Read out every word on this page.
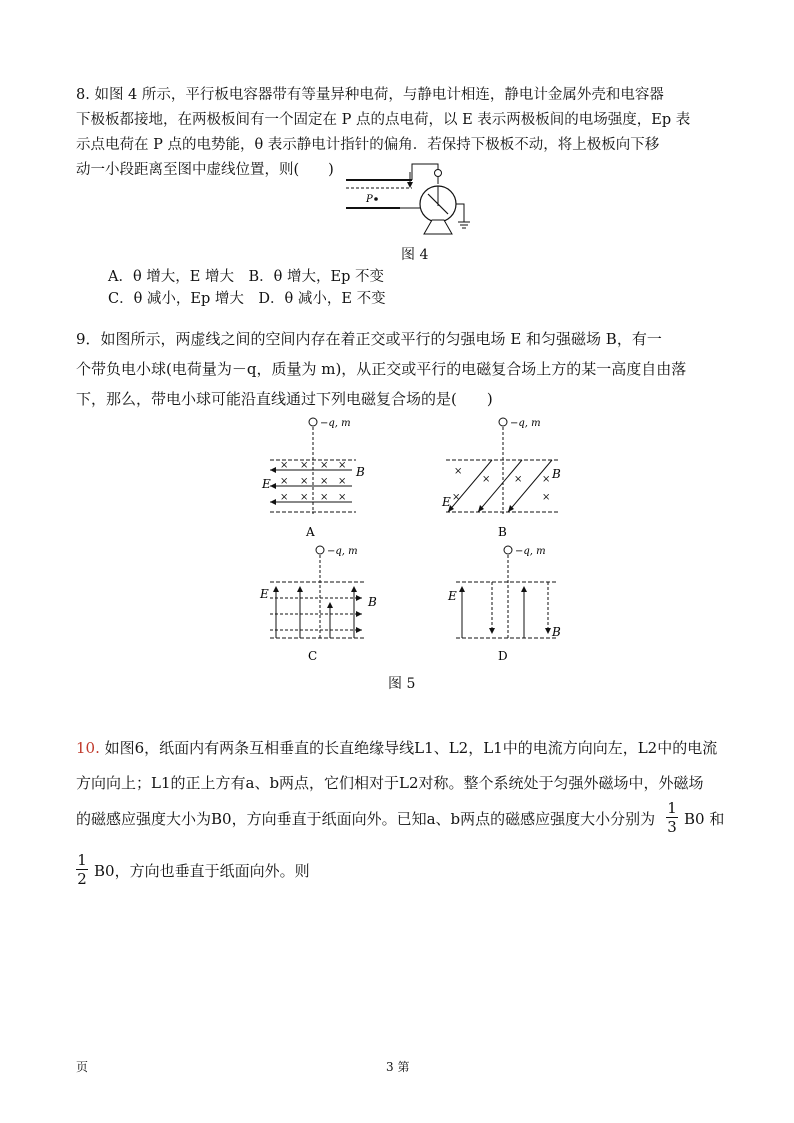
8. 如图 4 所示，平行板电容器带有等量异种电荷，与静电计相连，静电计金属外壳和电容器
下极板都接地，在两极板间有一个固定在 P 点的点电荷，以 E 表示两极板间的电场强度，Ep 表
示点电荷在 P 点的电势能，θ 表示静电计指针的偏角．若保持下极板不动，将上极板向下移
动一小段距离至图中虚线位置，则(　　)
P
图 4
A．θ 增大，E 增大　B．θ 增大，Ep 不变
C．θ 减小，Ep 增大　D．θ 减小，E 不变
9．如图所示，两虚线之间的空间内存在着正交或平行的匀强电场 E 和匀强磁场 B，有一
个带负电小球(电荷量为－q，质量为 m)，从正交或平行的电磁复合场上方的某一高度自由落
下，那么，带电小球可能沿直线通过下列电磁复合场的是(　　)
−q, m
× × × ×
× × × ×
× × × ×
B
E
A
−q, m
×
× × ×
×	×
B
E
B
−q, m
E
B
C
−q, m
E
B
D
图 5
10. 如图6，纸面内有两条互相垂直的长直绝缘导线L1、L2，L1中的电流方向向左，L2中的电流
方向向上；L1的正上方有a、b两点，它们相对于L2对称。整个系统处于匀强外磁场中，外磁场
的磁感应强度大小为B0，方向垂直于纸面向外。已知a、b两点的磁感应强度大小分别为
1
3 B0 和
1
2 B0，方向也垂直于纸面向外。则
页	3 第
